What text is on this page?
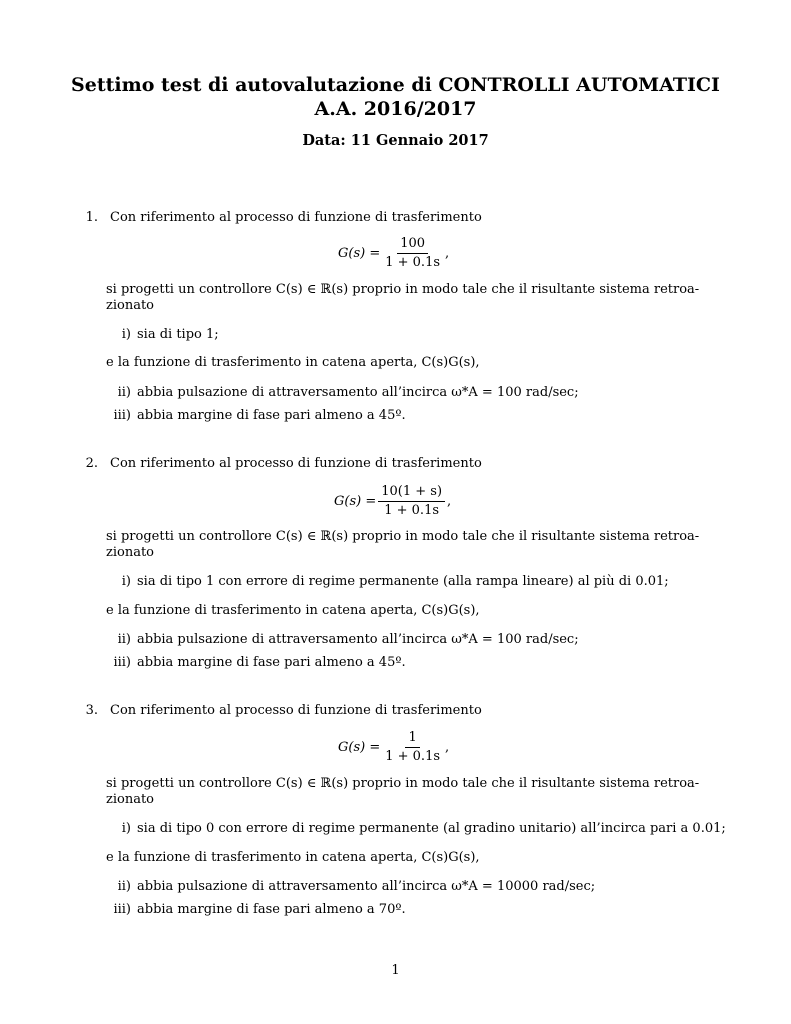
Settimo test di autovalutazione di CONTROLLI AUTOMATICI
A.A. 2016/2017
Data: 11 Gennaio 2017
1. Con riferimento al processo di funzione di trasferimento
$G(s) = \frac{100}{1 + 0.1s}$ ,
si progetti un controllore C(s) ∈ ℝ(s) proprio in modo tale che il risultante sistema retroa-
zionato
i) sia di tipo 1;
e la funzione di trasferimento in catena aperta, C(s)G(s),
ii) abbia pulsazione di attraversamento all’incirca ω*A = 100 rad/sec;
iii) abbia margine di fase pari almeno a 45º.
2. Con riferimento al processo di funzione di trasferimento
$G(s) = \frac{10(1 + s)}{1 + 0.1s}$ ,
si progetti un controllore C(s) ∈ ℝ(s) proprio in modo tale che il risultante sistema retroa-
zionato
i) sia di tipo 1 con errore di regime permanente (alla rampa lineare) al più di 0.01;
e la funzione di trasferimento in catena aperta, C(s)G(s),
ii) abbia pulsazione di attraversamento all’incirca ω*A = 100 rad/sec;
iii) abbia margine di fase pari almeno a 45º.
3. Con riferimento al processo di funzione di trasferimento
$G(s) = \frac{1}{1 + 0.1s}$ ,
si progetti un controllore C(s) ∈ ℝ(s) proprio in modo tale che il risultante sistema retroa-
zionato
i) sia di tipo 0 con errore di regime permanente (al gradino unitario) all’incirca pari a 0.01;
e la funzione di trasferimento in catena aperta, C(s)G(s),
ii) abbia pulsazione di attraversamento all’incirca ω*A = 10000 rad/sec;
iii) abbia margine di fase pari almeno a 70º.
1
